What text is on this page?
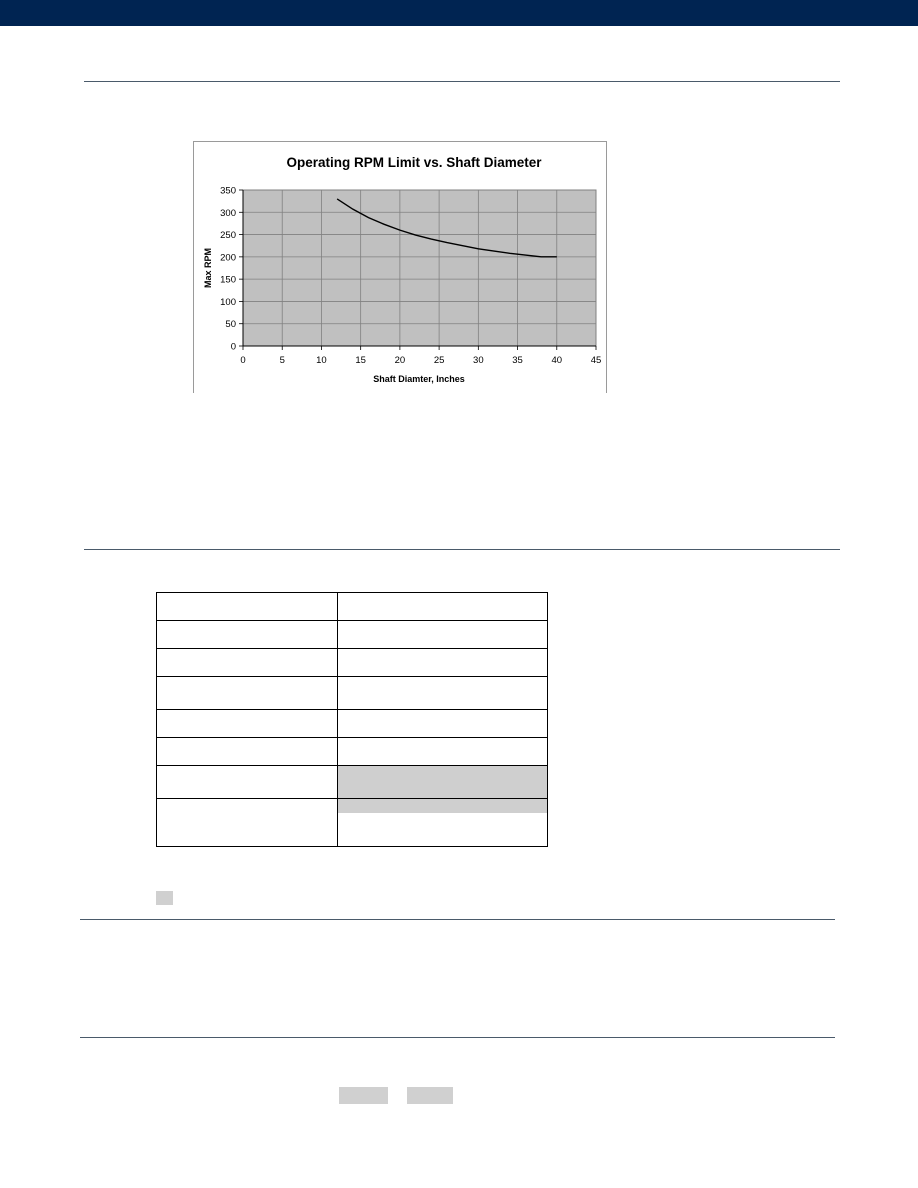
Operating RPM Limit vs. Shaft Diameter
0
50
100
150
200
250
300
350
0	5	10	15	20	25	30	35	40	45
Shaft Diamter, Inches
Max RPM
